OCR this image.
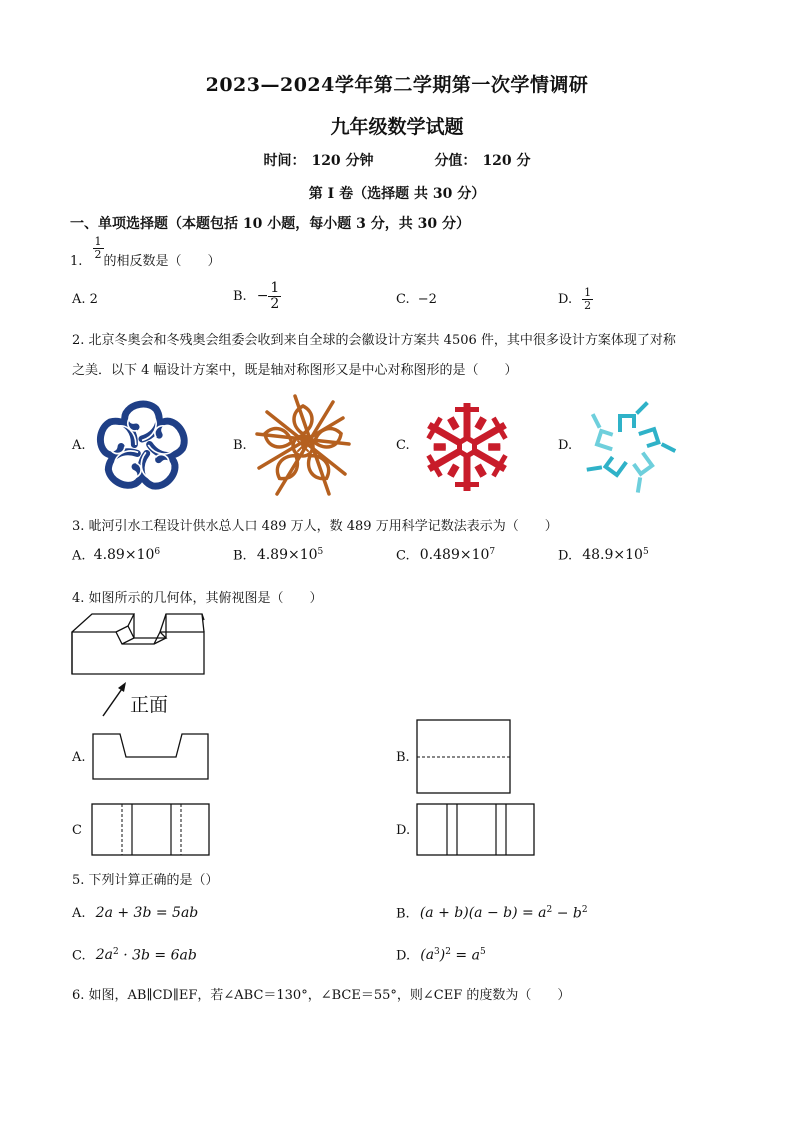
2023—2024学年第二学期第一次学情调研
九年级数学试题
时间： 120 分钟	分值： 120 分
第 I 卷（选择题 共 30 分）
一、单项选择题（本题包括 10 小题，每小题 3 分，共 30 分）
1.
$\frac{1}{2}$
的相反数是（　　）
A. 2	B. − $\frac{1}{2}$	C. −2	D. $\frac{1}{2}$
2. 北京冬奥会和冬残奥会组委会收到来自全球的会徽设计方案共 4506 件，其中很多设计方案体现了对称
之美．以下 4 幅设计方案中，既是轴对称图形又是中心对称图形的是（　　）
A.	B.	C.	D.
3. 呲河引水工程设计供水总人口 489 万人，数 489 万用科学记数法表示为（　　）
A. $4.89\times 10^6$	B. $4.89\times 10^5$	C. $0.489\times 10^7$	D. $48.9\times 10^5$
4. 如图所示的几何体，其俯视图是（　　）
正面
A.	B.
C	D.
5. 下列计算正确的是（）
A. 2a + 3b = 5ab	B. $(a + b)(a - b) = a^2 - b^2$
C. $2a^2 \cdot 3b = 6ab$	D. $(a^3)^2 = a^5$
6. 如图，AB∥CD∥EF，若∠ABC＝130°，∠BCE＝55°，则∠CEF 的度数为（　　）
